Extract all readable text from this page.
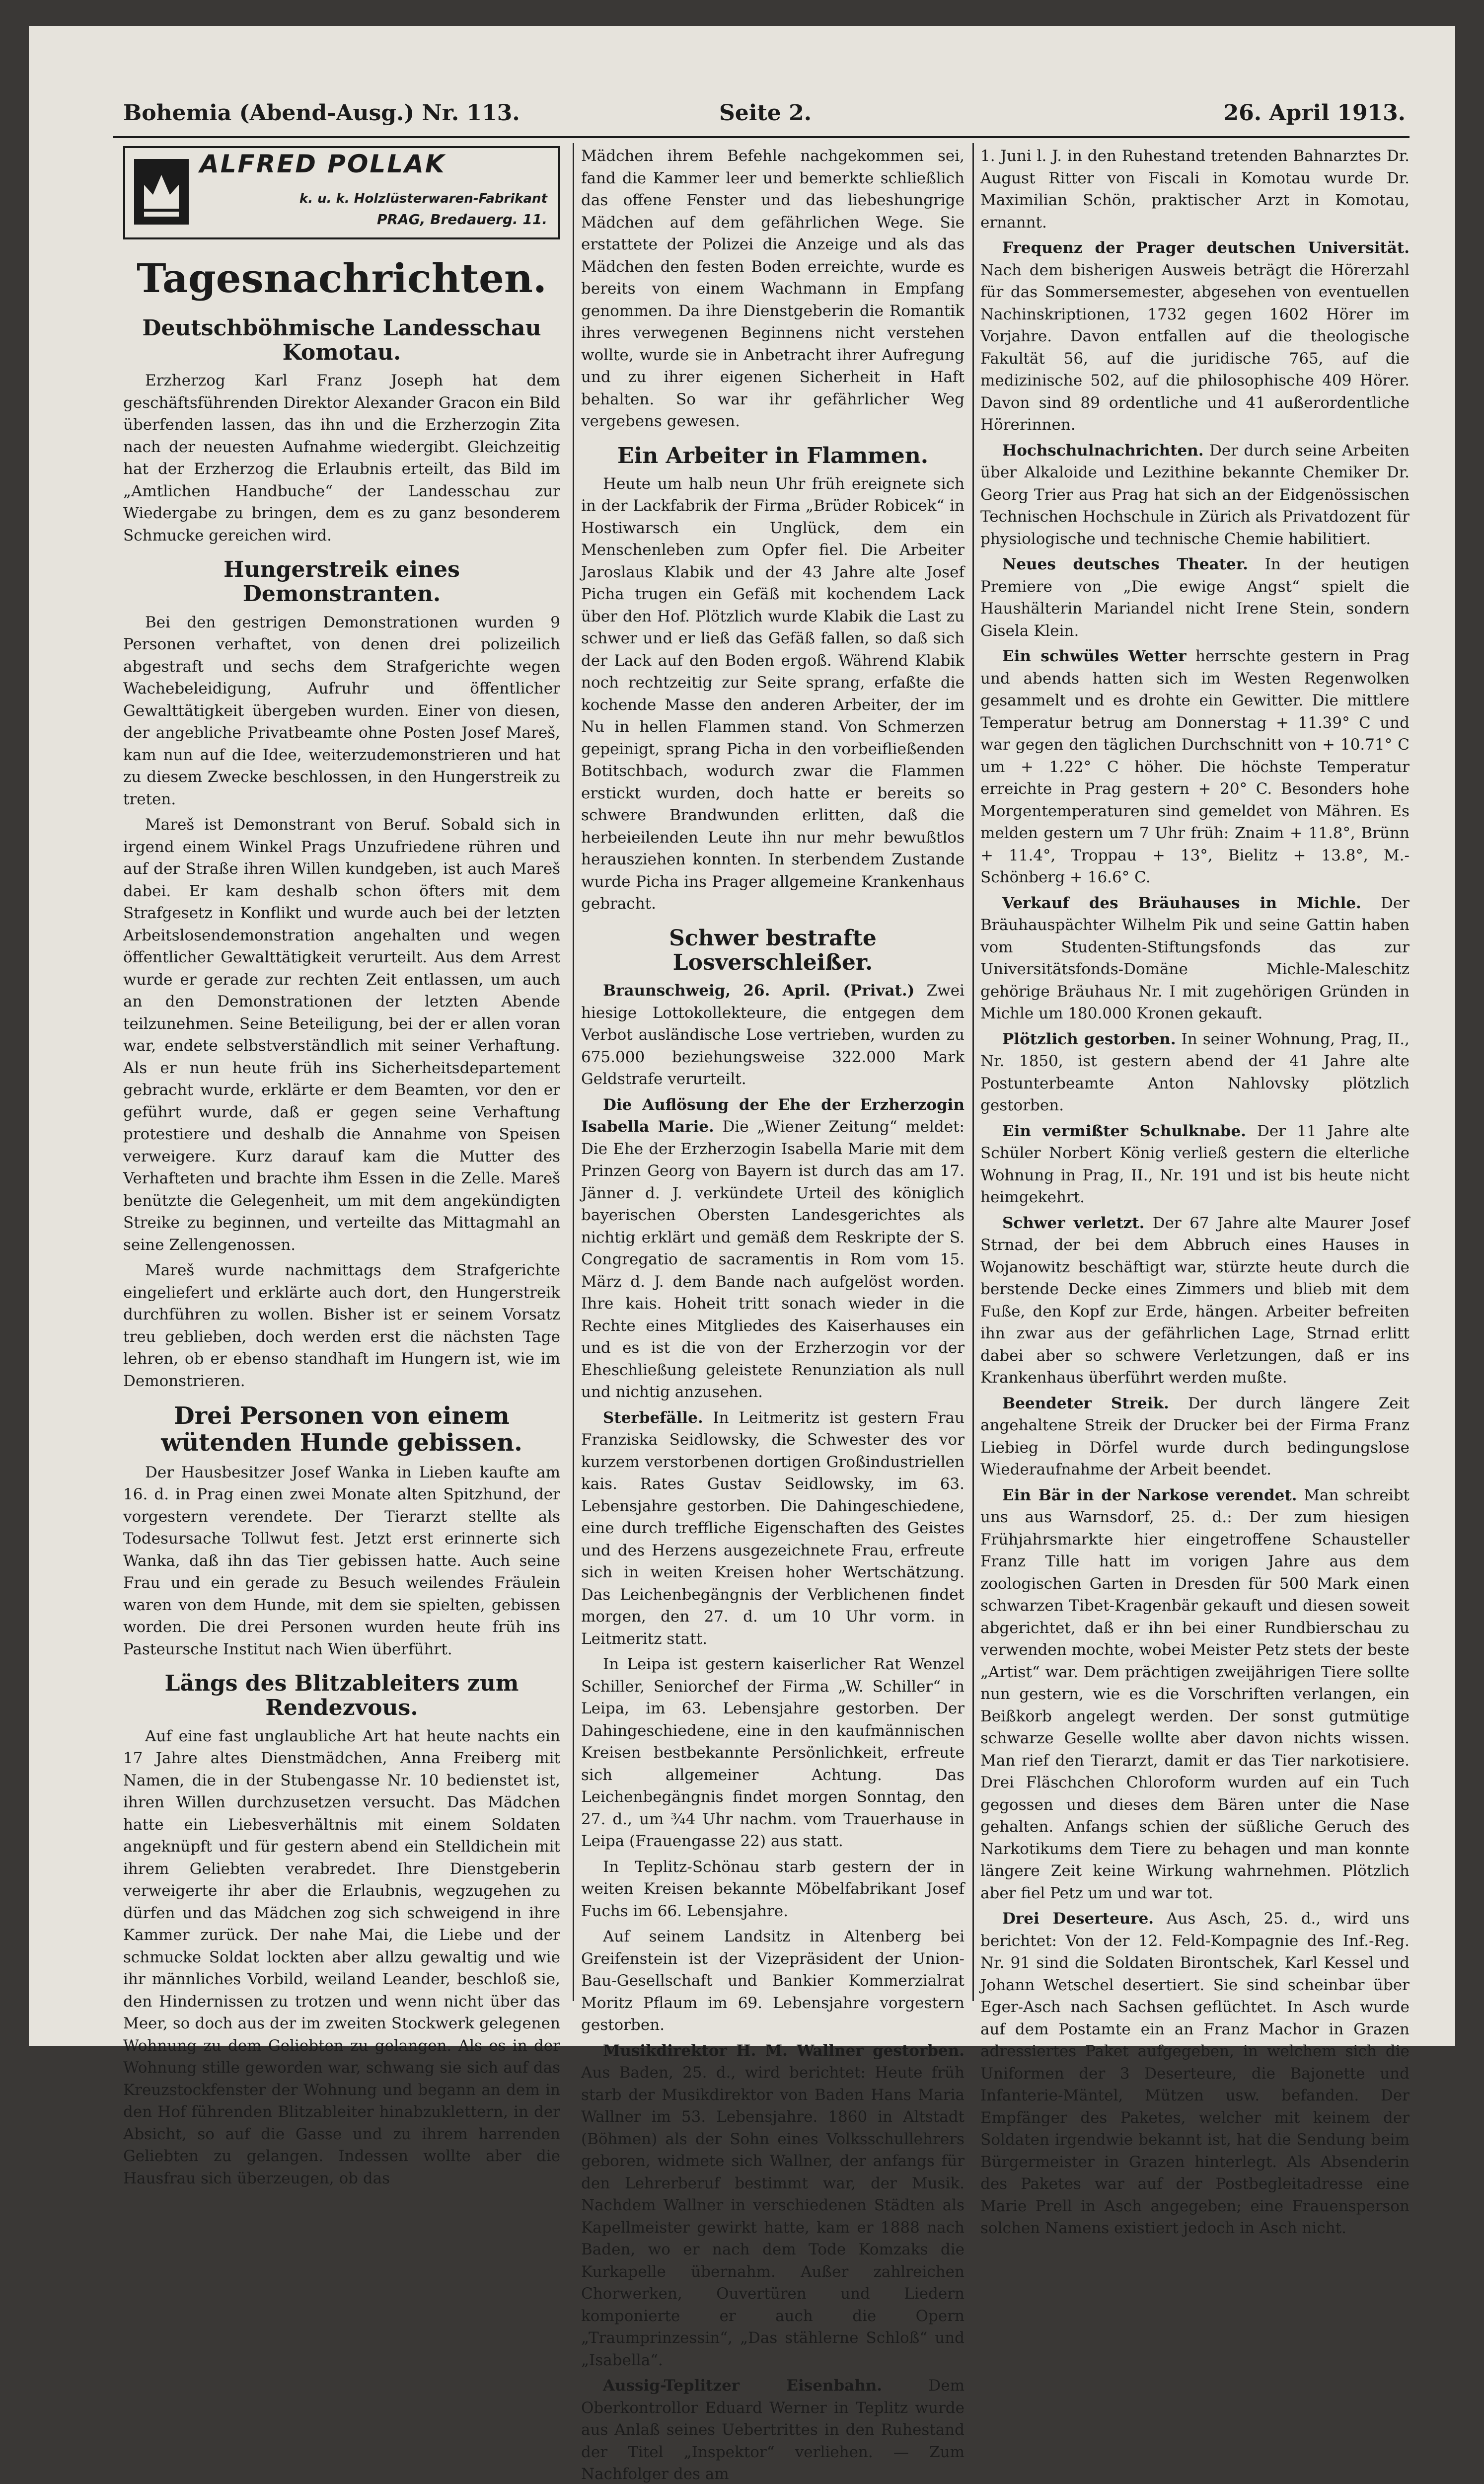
Bohemia (Abend-Ausg.) Nr. 113.	Seite 2.	26. April 1913.
ALFRED POLLAK
k. u. k. Holzlüsterwaren-Fabrikant
PRAG, Bredauerg. 11.
Tagesnachrichten.
Deutschböhmische Landesschau Komotau.

Erzherzog Karl Franz Joseph hat dem geschäftsführenden Direktor Alexander Gracon ein Bild überfenden lassen, das ihn und die Erzherzogin Zita nach der neuesten Aufnahme wiedergibt. Gleichzeitig hat der Erzherzog die Erlaubnis erteilt, das Bild im „Amtlichen Handbuche“ der Landesschau zur Wiedergabe zu bringen, dem es zu ganz besonderem Schmucke gereichen wird.

Hungerstreik eines Demonstranten.

Bei den gestrigen Demonstrationen wurden 9 Personen verhaftet, von denen drei polizeilich abgestraft und sechs dem Strafgerichte wegen Wachebeleidigung, Aufruhr und öffentlicher Gewalttätigkeit übergeben wurden. Einer von diesen, der angebliche Privatbeamte ohne Posten Josef Mareš, kam nun auf die Idee, weiterzudemonstrieren und hat zu diesem Zwecke beschlossen, in den Hungerstreik zu treten.

Mareš ist Demonstrant von Beruf. Sobald sich in irgend einem Winkel Prags Unzufriedene rühren und auf der Straße ihren Willen kundgeben, ist auch Mareš dabei. Er kam deshalb schon öfters mit dem Strafgesetz in Konflikt und wurde auch bei der letzten Arbeitslosendemonstration angehalten und wegen öffentlicher Gewalttätigkeit verurteilt. Aus dem Arrest wurde er gerade zur rechten Zeit entlassen, um auch an den Demonstrationen der letzten Abende teilzunehmen. Seine Beteiligung, bei der er allen voran war, endete selbstverständlich mit seiner Verhaftung. Als er nun heute früh ins Sicherheitsdepartement gebracht wurde, erklärte er dem Beamten, vor den er geführt wurde, daß er gegen seine Verhaftung protestiere und deshalb die Annahme von Speisen verweigere. Kurz darauf kam die Mutter des Verhafteten und brachte ihm Essen in die Zelle. Mareš benützte die Gelegenheit, um mit dem angekündigten Streike zu beginnen, und verteilte das Mittagmahl an seine Zellengenossen.

Mareš wurde nachmittags dem Strafgerichte eingeliefert und erklärte auch dort, den Hungerstreik durchführen zu wollen. Bisher ist er seinem Vorsatz treu geblieben, doch werden erst die nächsten Tage lehren, ob er ebenso standhaft im Hungern ist, wie im Demonstrieren.

Drei Personen von einem wütenden Hunde gebissen.

Der Hausbesitzer Josef Wanka in Lieben kaufte am 16. d. in Prag einen zwei Monate alten Spitzhund, der vorgestern verendete. Der Tierarzt stellte als Todesursache Tollwut fest. Jetzt erst erinnerte sich Wanka, daß ihn das Tier gebissen hatte. Auch seine Frau und ein gerade zu Besuch weilendes Fräulein waren von dem Hunde, mit dem sie spielten, gebissen worden. Die drei Personen wurden heute früh ins Pasteursche Institut nach Wien überführt.

Längs des Blitzableiters zum Rendezvous.

Auf eine fast unglaubliche Art hat heute nachts ein 17 Jahre altes Dienstmädchen, Anna Freiberg mit Namen, die in der Stubengasse Nr. 10 bedienstet ist, ihren Willen durchzusetzen versucht. Das Mädchen hatte ein Liebesverhältnis mit einem Soldaten angeknüpft und für gestern abend ein Stelldichein mit ihrem Geliebten verabredet. Ihre Dienstgeberin verweigerte ihr aber die Erlaubnis, wegzugehen zu dürfen und das Mädchen zog sich schweigend in ihre Kammer zurück. Der nahe Mai, die Liebe und der schmucke Soldat lockten aber allzu gewaltig und wie ihr männliches Vorbild, weiland Leander, beschloß sie, den Hindernissen zu trotzen und wenn nicht über das Meer, so doch aus der im zweiten Stockwerk gelegenen Wohnung zu dem Geliebten zu gelangen. Als es in der Wohnung stille geworden war, schwang sie sich auf das Kreuzstockfenster der Wohnung und begann an dem in den Hof führenden Blitzableiter hinabzuklettern, in der Absicht, so auf die Gasse und zu ihrem harrenden Geliebten zu gelangen. Indessen wollte aber die Hausfrau sich überzeugen, ob das

Mädchen ihrem Befehle nachgekommen sei, fand die Kammer leer und bemerkte schließlich das offene Fenster und das liebeshungrige Mädchen auf dem gefährlichen Wege. Sie erstattete der Polizei die Anzeige und als das Mädchen den festen Boden erreichte, wurde es bereits von einem Wachmann in Empfang genommen. Da ihre Dienstgeberin die Romantik ihres verwegenen Beginnens nicht verstehen wollte, wurde sie in Anbetracht ihrer Aufregung und zu ihrer eigenen Sicherheit in Haft behalten. So war ihr gefährlicher Weg vergebens gewesen.

Ein Arbeiter in Flammen.

Heute um halb neun Uhr früh ereignete sich in der Lackfabrik der Firma „Brüder Robicek“ in Hostiwarsch ein Unglück, dem ein Menschenleben zum Opfer fiel. Die Arbeiter Jaroslaus Klabik und der 43 Jahre alte Josef Picha trugen ein Gefäß mit kochendem Lack über den Hof. Plötzlich wurde Klabik die Last zu schwer und er ließ das Gefäß fallen, so daß sich der Lack auf den Boden ergoß. Während Klabik noch rechtzeitig zur Seite sprang, erfaßte die kochende Masse den anderen Arbeiter, der im Nu in hellen Flammen stand. Von Schmerzen gepeinigt, sprang Picha in den vorbeifließenden Botitschbach, wodurch zwar die Flammen erstickt wurden, doch hatte er bereits so schwere Brandwunden erlitten, daß die herbeieilenden Leute ihn nur mehr bewußtlos herausziehen konnten. In sterbendem Zustande wurde Picha ins Prager allgemeine Krankenhaus gebracht.

Schwer bestrafte Losverschleißer.

Braunschweig, 26. April. (Privat.) Zwei hiesige Lottokollekteure, die entgegen dem Verbot ausländische Lose vertrieben, wurden zu 675.000 beziehungsweise 322.000 Mark Geldstrafe verurteilt.

Die Auflösung der Ehe der Erzherzogin Isabella Marie. Die „Wiener Zeitung“ meldet: Die Ehe der Erzherzogin Isabella Marie mit dem Prinzen Georg von Bayern ist durch das am 17. Jänner d. J. verkündete Urteil des königlich bayerischen Obersten Landesgerichtes als nichtig erklärt und gemäß dem Reskripte der S. Congregatio de sacramentis in Rom vom 15. März d. J. dem Bande nach aufgelöst worden. Ihre kais. Hoheit tritt sonach wieder in die Rechte eines Mitgliedes des Kaiserhauses ein und es ist die von der Erzherzogin vor der Eheschließung geleistete Renunziation als null und nichtig anzusehen.

Sterbefälle. In Leitmeritz ist gestern Frau Franziska Seidlowsky, die Schwester des vor kurzem verstorbenen dortigen Großindustriellen kais. Rates Gustav Seidlowsky, im 63. Lebensjahre gestorben. Die Dahingeschiedene, eine durch treffliche Eigenschaften des Geistes und des Herzens ausgezeichnete Frau, erfreute sich in weiten Kreisen hoher Wertschätzung. Das Leichenbegängnis der Verblichenen findet morgen, den 27. d. um 10 Uhr vorm. in Leitmeritz statt.

In Leipa ist gestern kaiserlicher Rat Wenzel Schiller, Seniorchef der Firma „W. Schiller“ in Leipa, im 63. Lebensjahre gestorben. Der Dahingeschiedene, eine in den kaufmännischen Kreisen bestbekannte Persönlichkeit, erfreute sich allgemeiner Achtung. Das Leichenbegängnis findet morgen Sonntag, den 27. d., um ¾4 Uhr nachm. vom Trauerhause in Leipa (Frauengasse 22) aus statt.

In Teplitz-Schönau starb gestern der in weiten Kreisen bekannte Möbelfabrikant Josef Fuchs im 66. Lebensjahre.

Auf seinem Landsitz in Altenberg bei Greifenstein ist der Vizepräsident der Union-Bau-Gesellschaft und Bankier Kommerzialrat Moritz Pflaum im 69. Lebensjahre vorgestern gestorben.

Musikdirektor H. M. Wallner gestorben. Aus Baden, 25. d., wird berichtet: Heute früh starb der Musikdirektor von Baden Hans Maria Wallner im 53. Lebensjahre. 1860 in Altstadt (Böhmen) als der Sohn eines Volksschullehrers geboren, widmete sich Wallner, der anfangs für den Lehrerberuf bestimmt war, der Musik. Nachdem Wallner in verschiedenen Städten als Kapellmeister gewirkt hatte, kam er 1888 nach Baden, wo er nach dem Tode Komzaks die Kurkapelle übernahm. Außer zahlreichen Chorwerken, Ouvertüren und Liedern komponierte er auch die Opern „Traumprinzessin“, „Das stählerne Schloß“ und „Isabella“.

Aussig-Teplitzer Eisenbahn.	Dem Oberkontrollor Eduard Werner in Teplitz wurde aus Anlaß seines Uebertrittes in den Ruhestand der Titel „Inspektor“ verliehen. — Zum Nachfolger des am

1. Juni l. J. in den Ruhestand tretenden Bahnarztes Dr. August Ritter von Fiscali in Komotau wurde Dr. Maximilian Schön, praktischer Arzt in Komotau, ernannt.

Frequenz der Prager deutschen Universität. Nach dem bisherigen Ausweis beträgt die Hörerzahl für das Sommersemester, abgesehen von eventuellen Nachinskriptionen, 1732 gegen 1602 Hörer im Vorjahre. Davon entfallen auf die theologische Fakultät 56, auf die juridische 765, auf die medizinische 502, auf die philosophische 409 Hörer. Davon sind 89 ordentliche und 41 außerordentliche Hörerinnen.

Hochschulnachrichten. Der durch seine Arbeiten über Alkaloide und Lezithine bekannte Chemiker Dr. Georg Trier aus Prag hat sich an der Eidgenössischen Technischen Hochschule in Zürich als Privatdozent für physiologische und technische Chemie habilitiert.

Neues deutsches Theater. In der heutigen Premiere von „Die ewige Angst“ spielt die Haushälterin Mariandel nicht Irene Stein, sondern Gisela Klein.

Ein schwüles Wetter herrschte gestern in Prag und abends hatten sich im Westen Regenwolken gesammelt und es drohte ein Gewitter. Die mittlere Temperatur betrug am Donnerstag + 11.39° C und war gegen den täglichen Durchschnitt von + 10.71° C um + 1.22° C höher. Die höchste Temperatur erreichte in Prag gestern + 20° C. Besonders hohe Morgentemperaturen sind gemeldet von Mähren. Es melden gestern um 7 Uhr früh: Znaim + 11.8°, Brünn + 11.4°, Troppau + 13°, Bielitz + 13.8°, M.-Schönberg + 16.6° C.

Verkauf des Bräuhauses in Michle. Der Bräuhauspächter Wilhelm Pik und seine Gattin haben vom Studenten-Stiftungsfonds das zur Universitätsfonds-Domäne Michle-Maleschitz gehörige Bräuhaus Nr. I mit zugehörigen Gründen in Michle um 180.000 Kronen gekauft.

Plötzlich gestorben. In seiner Wohnung, Prag, II., Nr. 1850, ist gestern abend der 41 Jahre alte Postunterbeamte Anton Nahlovsky plötzlich gestorben.

Ein vermißter Schulknabe. Der 11 Jahre alte Schüler Norbert König verließ gestern die elterliche Wohnung in Prag, II., Nr. 191 und ist bis heute nicht heimgekehrt.

Schwer verletzt. Der 67 Jahre alte Maurer Josef Strnad, der bei dem Abbruch eines Hauses in Wojanowitz beschäftigt war, stürzte heute durch die berstende Decke eines Zimmers und blieb mit dem Fuße, den Kopf zur Erde, hängen. Arbeiter befreiten ihn zwar aus der gefährlichen Lage, Strnad erlitt dabei aber so schwere Verletzungen, daß er ins Krankenhaus überführt werden mußte.

Beendeter Streik. Der durch längere Zeit angehaltene Streik der Drucker bei der Firma Franz Liebieg in Dörfel wurde durch bedingungslose Wiederaufnahme der Arbeit beendet.

Ein Bär in der Narkose verendet. Man schreibt uns aus Warnsdorf, 25. d.: Der zum hiesigen Frühjahrsmarkte hier eingetroffene Schausteller Franz Tille hatt im vorigen Jahre aus dem zoologischen Garten in Dresden für 500 Mark einen schwarzen Tibet-Kragenbär gekauft und diesen soweit abgerichtet, daß er ihn bei einer Rundbierschau zu verwenden mochte, wobei Meister Petz stets der beste „Artist“ war. Dem prächtigen zweijährigen Tiere sollte nun gestern, wie es die Vorschriften verlangen, ein Beißkorb angelegt werden. Der sonst gutmütige schwarze Geselle wollte aber davon nichts wissen. Man rief den Tierarzt, damit er das Tier narkotisiere. Drei Fläschchen Chloroform wurden auf ein Tuch gegossen und dieses dem Bären unter die Nase gehalten. Anfangs schien der süßliche Geruch des Narkotikums dem Tiere zu behagen und man konnte längere Zeit keine Wirkung wahrnehmen. Plötzlich aber fiel Petz um und war tot.

Drei Deserteure. Aus Asch, 25. d., wird uns berichtet: Von der 12. Feld-Kompagnie des Inf.-Reg. Nr. 91 sind die Soldaten Birontschek, Karl Kessel und Johann Wetschel desertiert. Sie sind scheinbar über Eger-Asch nach Sachsen geflüchtet. In Asch wurde auf dem Postamte ein an Franz Machor in Grazen adressiertes Paket aufgegeben, in welchem sich die Uniformen der 3 Deserteure, die Bajonette und Infanterie-Mäntel, Mützen usw. befanden. Der Empfänger des Paketes, welcher mit keinem der Soldaten irgendwie bekannt ist, hat die Sendung beim Bürgermeister in Grazen hinterlegt. Als Absenderin des Paketes war auf der Postbegleitadresse eine Marie Prell in Asch angegeben; eine Frauensperson solchen Namens existiert jedoch in Asch nicht.
